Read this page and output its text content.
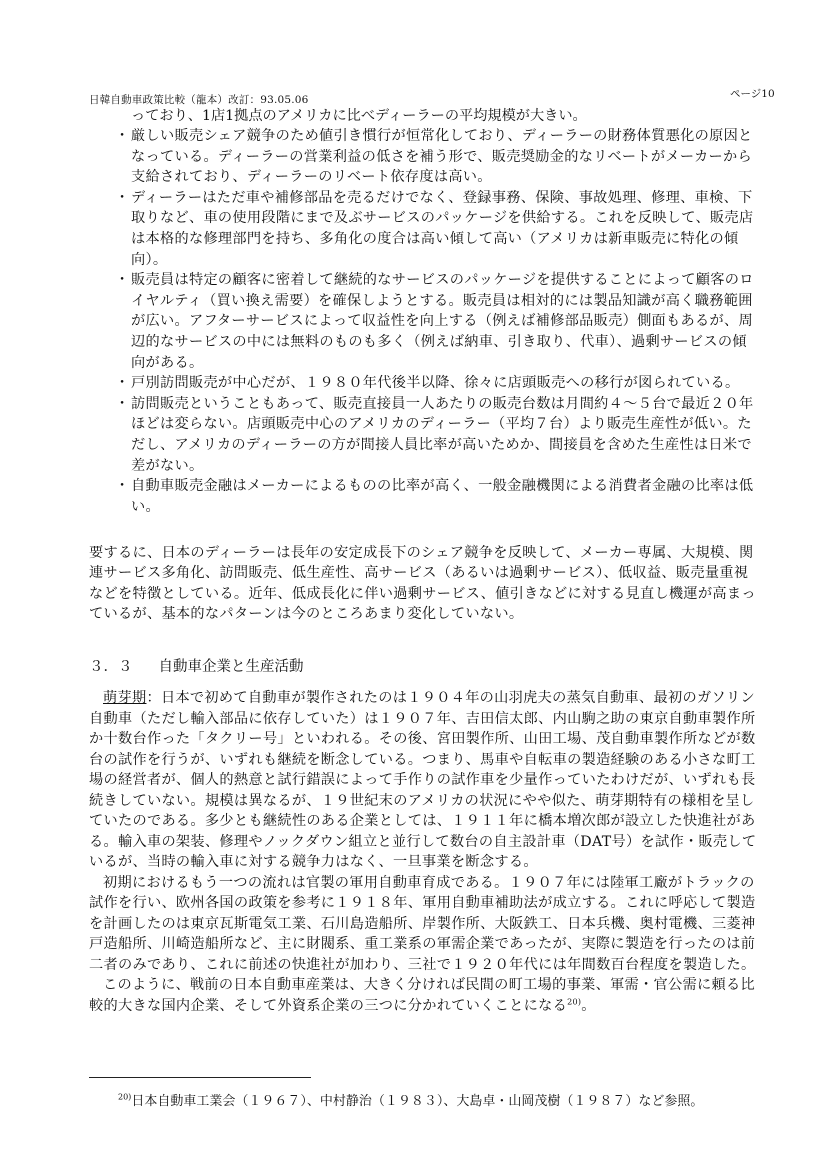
日韓自動車政策比較（龍本）改訂：93.05.06	ページ10
っており、1店1拠点のアメリカに比べディーラーの平均規模が大きい。
・ 厳しい販売シェア競争のため値引き慣行が恒常化しており、ディーラーの財務体質悪化の原因となっている。ディーラーの営業利益の低さを補う形で、販売奨励金的なリベートがメーカーから支給されており、ディーラーのリベート依存度は高い。
・ ディーラーはただ車や補修部品を売るだけでなく、登録事務、保険、事故処理、修理、車検、下取りなど、車の使用段階にまで及ぶサービスのパッケージを供給する。これを反映して、販売店は本格的な修理部門を持ち、多角化の度合は高い傾して高い（アメリカは新車販売に特化の傾向）。
・ 販売員は特定の顧客に密着して継続的なサービスのパッケージを提供することによって顧客のロイヤルティ（買い換え需要）を確保しようとする。販売員は相対的には製品知識が高く職務範囲が広い。アフターサービスによって収益性を向上する（例えば補修部品販売）側面もあるが、周辺的なサービスの中には無料のものも多く（例えば納車、引き取り、代車）、過剰サービスの傾向がある。
・ 戸別訪問販売が中心だが、１９８０年代後半以降、徐々に店頭販売への移行が図られている。
・ 訪問販売ということもあって、販売直接員一人あたりの販売台数は月間約４〜５台で最近２０年ほどは変らない。店頭販売中心のアメリカのディーラー（平均７台）より販売生産性が低い。ただし、アメリカのディーラーの方が間接人員比率が高いためか、間接員を含めた生産性は日米で差がない。
・ 自動車販売金融はメーカーによるものの比率が高く、一般金融機関による消費者金融の比率は低い。

要するに、日本のディーラーは長年の安定成長下のシェア競争を反映して、メーカー専属、大規模、関連サービス多角化、訪問販売、低生産性、高サービス（あるいは過剰サービス）、低収益、販売量重視などを特徴としている。近年、低成長化に伴い過剰サービス、値引きなどに対する見直し機運が高まっているが、基本的なパターンは今のところあまり変化していない。

３．３ 自動車企業と生産活動

萌芽期：日本で初めて自動車が製作されたのは１９０４年の山羽虎夫の蒸気自動車、最初のガソリン自動車（ただし輸入部品に依存していた）は１９０７年、吉田信太郎、内山駒之助の東京自動車製作所か十数台作った「タクリー号」といわれる。その後、宮田製作所、山田工場、茂自動車製作所などが数台の試作を行うが、いずれも継続を断念している。つまり、馬車や自転車の製造経験のある小さな町工場の経営者が、個人的熱意と試行錯誤によって手作りの試作車を少量作っていたわけだが、いずれも長続きしていない。規模は異なるが、１９世紀末のアメリカの状況にやや似た、萌芽期特有の様相を呈していたのである。多少とも継続性のある企業としては、１９１１年に橋本増次郎が設立した快進社がある。輸入車の架装、修理やノックダウン組立と並行して数台の自主設計車（DAT号）を試作・販売しているが、当時の輸入車に対する競争力はなく、一旦事業を断念する。

初期におけるもう一つの流れは官製の軍用自動車育成である。１９０７年には陸軍工廠がトラックの試作を行い、欧州各国の政策を参考に１９１８年、軍用自動車補助法が成立する。これに呼応して製造を計画したのは東京瓦斯電気工業、石川島造船所、岸製作所、大阪鉄工、日本兵機、奥村電機、三菱神戸造船所、川崎造船所など、主に財閥系、重工業系の軍需企業であったが、実際に製造を行ったのは前二者のみであり、これに前述の快進社が加わり、三社で１９２０年代には年間数百台程度を製造した。

このように、戦前の日本自動車産業は、大きく分ければ民間の町工場的事業、軍需・官公需に頼る比較的大きな国内企業、そして外資系企業の三つに分かれていくことになる$^{20)}$。

$^{20)}$日本自動車工業会（１９６７）、中村静治（１９８３）、大島卓・山岡茂樹（１９８７）など参照。
